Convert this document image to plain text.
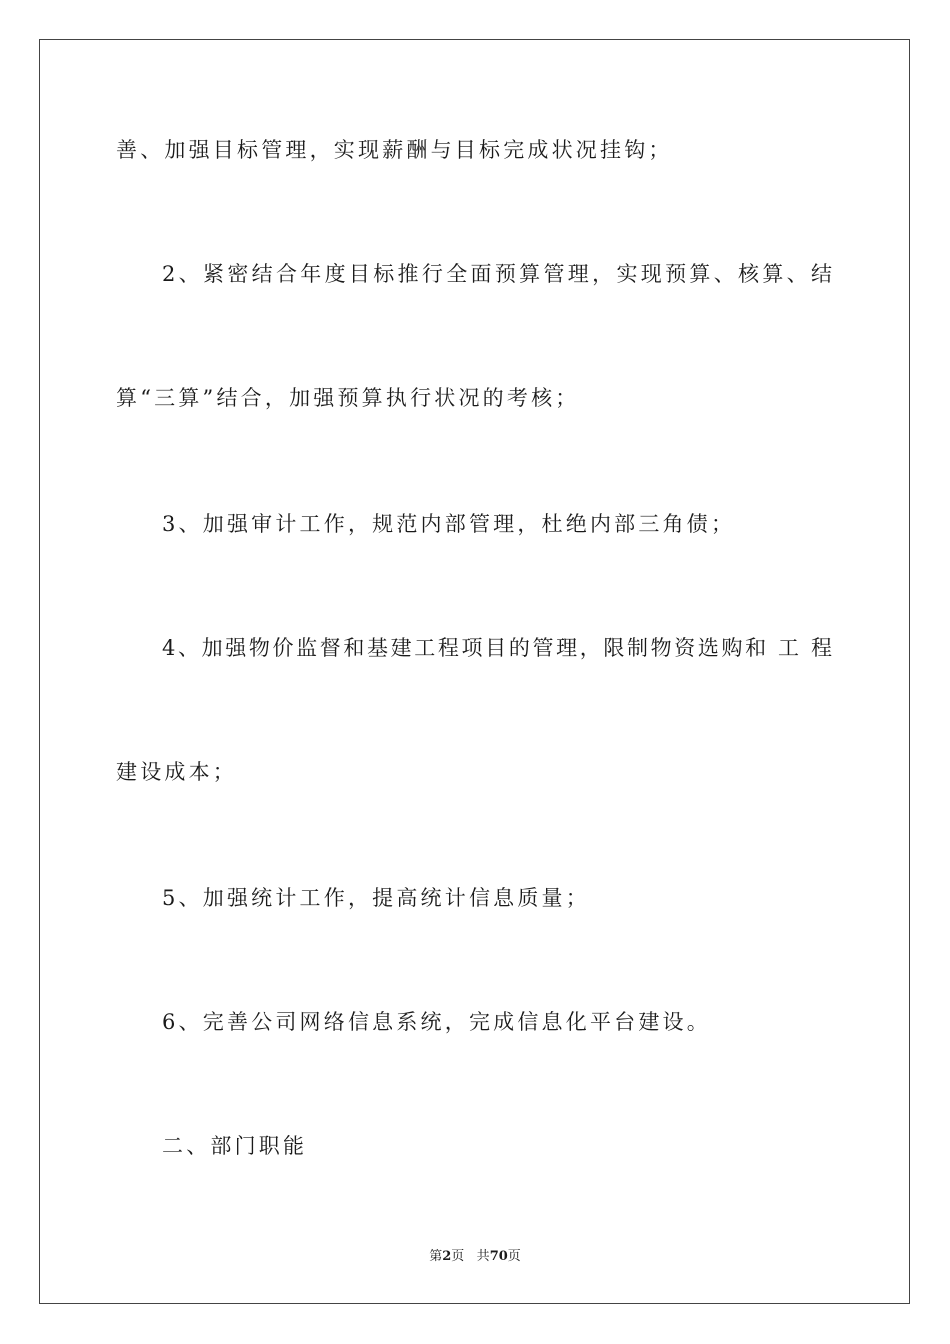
善、加强目标管理，实现薪酬与目标完成状况挂钩；
2、紧密结合年度目标推行全面预算管理，实现预算、核算、结
算“三算”结合，加强预算执行状况的考核；
3、加强审计工作，规范内部管理，杜绝内部三角债；
4、加强物价监督和基建工程项目的管理，限制物资选购和 工 程
建设成本；
5、加强统计工作，提高统计信息质量；
6、完善公司网络信息系统，完成信息化平台建设。
二、部门职能
第2页 共70页
